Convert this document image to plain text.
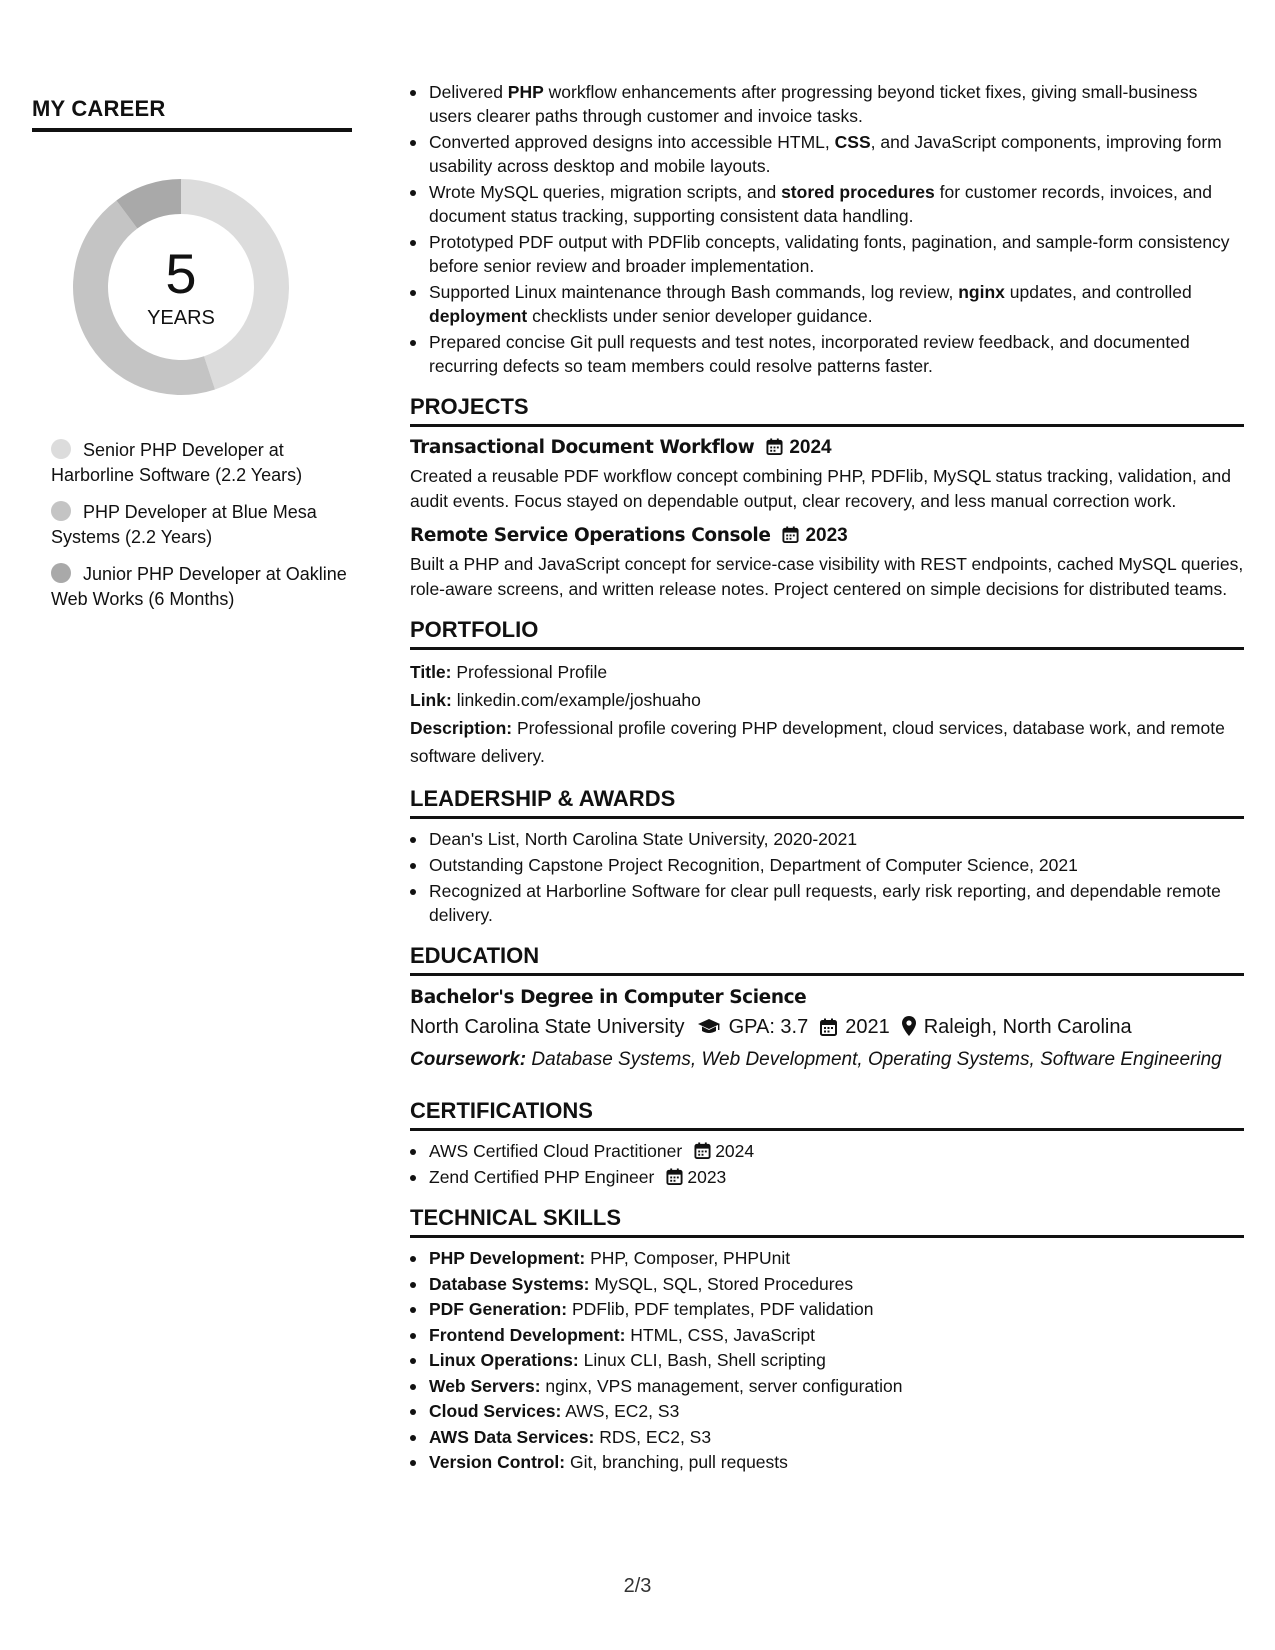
MY CAREER
5
YEARS
Senior PHP Developer at Harborline Software (2.2 Years)
PHP Developer at Blue Mesa Systems (2.2 Years)
Junior PHP Developer at Oakline Web Works (6 Months)
Delivered PHP workflow enhancements after progressing beyond ticket fixes, giving small-business users clearer paths through customer and invoice tasks.
Converted approved designs into accessible HTML, CSS, and JavaScript components, improving form usability across desktop and mobile layouts.
Wrote MySQL queries, migration scripts, and stored procedures for customer records, invoices, and document status tracking, supporting consistent data handling.
Prototyped PDF output with PDFlib concepts, validating fonts, pagination, and sample-form consistency before senior review and broader implementation.
Supported Linux maintenance through Bash commands, log review, nginx updates, and controlled deployment checklists under senior developer guidance.
Prepared concise Git pull requests and test notes, incorporated review feedback, and documented recurring defects so team members could resolve patterns faster.
PROJECTS
Transactional Document Workflow 2024
Created a reusable PDF workflow concept combining PHP, PDFlib, MySQL status tracking, validation, and audit events. Focus stayed on dependable output, clear recovery, and less manual correction work.
Remote Service Operations Console 2023
Built a PHP and JavaScript concept for service-case visibility with REST endpoints, cached MySQL queries, role-aware screens, and written release notes. Project centered on simple decisions for distributed teams.
PORTFOLIO
Title: Professional Profile
Link: linkedin.com/example/joshuaho
Description: Professional profile covering PHP development, cloud services, database work, and remote software delivery.
LEADERSHIP & AWARDS
Dean's List, North Carolina State University, 2020-2021
Outstanding Capstone Project Recognition, Department of Computer Science, 2021
Recognized at Harborline Software for clear pull requests, early risk reporting, and dependable remote delivery.
EDUCATION
Bachelor's Degree in Computer Science
North Carolina State University GPA: 3.7 2021 Raleigh, North Carolina
Coursework: Database Systems, Web Development, Operating Systems, Software Engineering
CERTIFICATIONS
AWS Certified Cloud Practitioner 2024
Zend Certified PHP Engineer 2023
TECHNICAL SKILLS
PHP Development: PHP, Composer, PHPUnit
Database Systems: MySQL, SQL, Stored Procedures
PDF Generation: PDFlib, PDF templates, PDF validation
Frontend Development: HTML, CSS, JavaScript
Linux Operations: Linux CLI, Bash, Shell scripting
Web Servers: nginx, VPS management, server configuration
Cloud Services: AWS, EC2, S3
AWS Data Services: RDS, EC2, S3
Version Control: Git, branching, pull requests
2/3
